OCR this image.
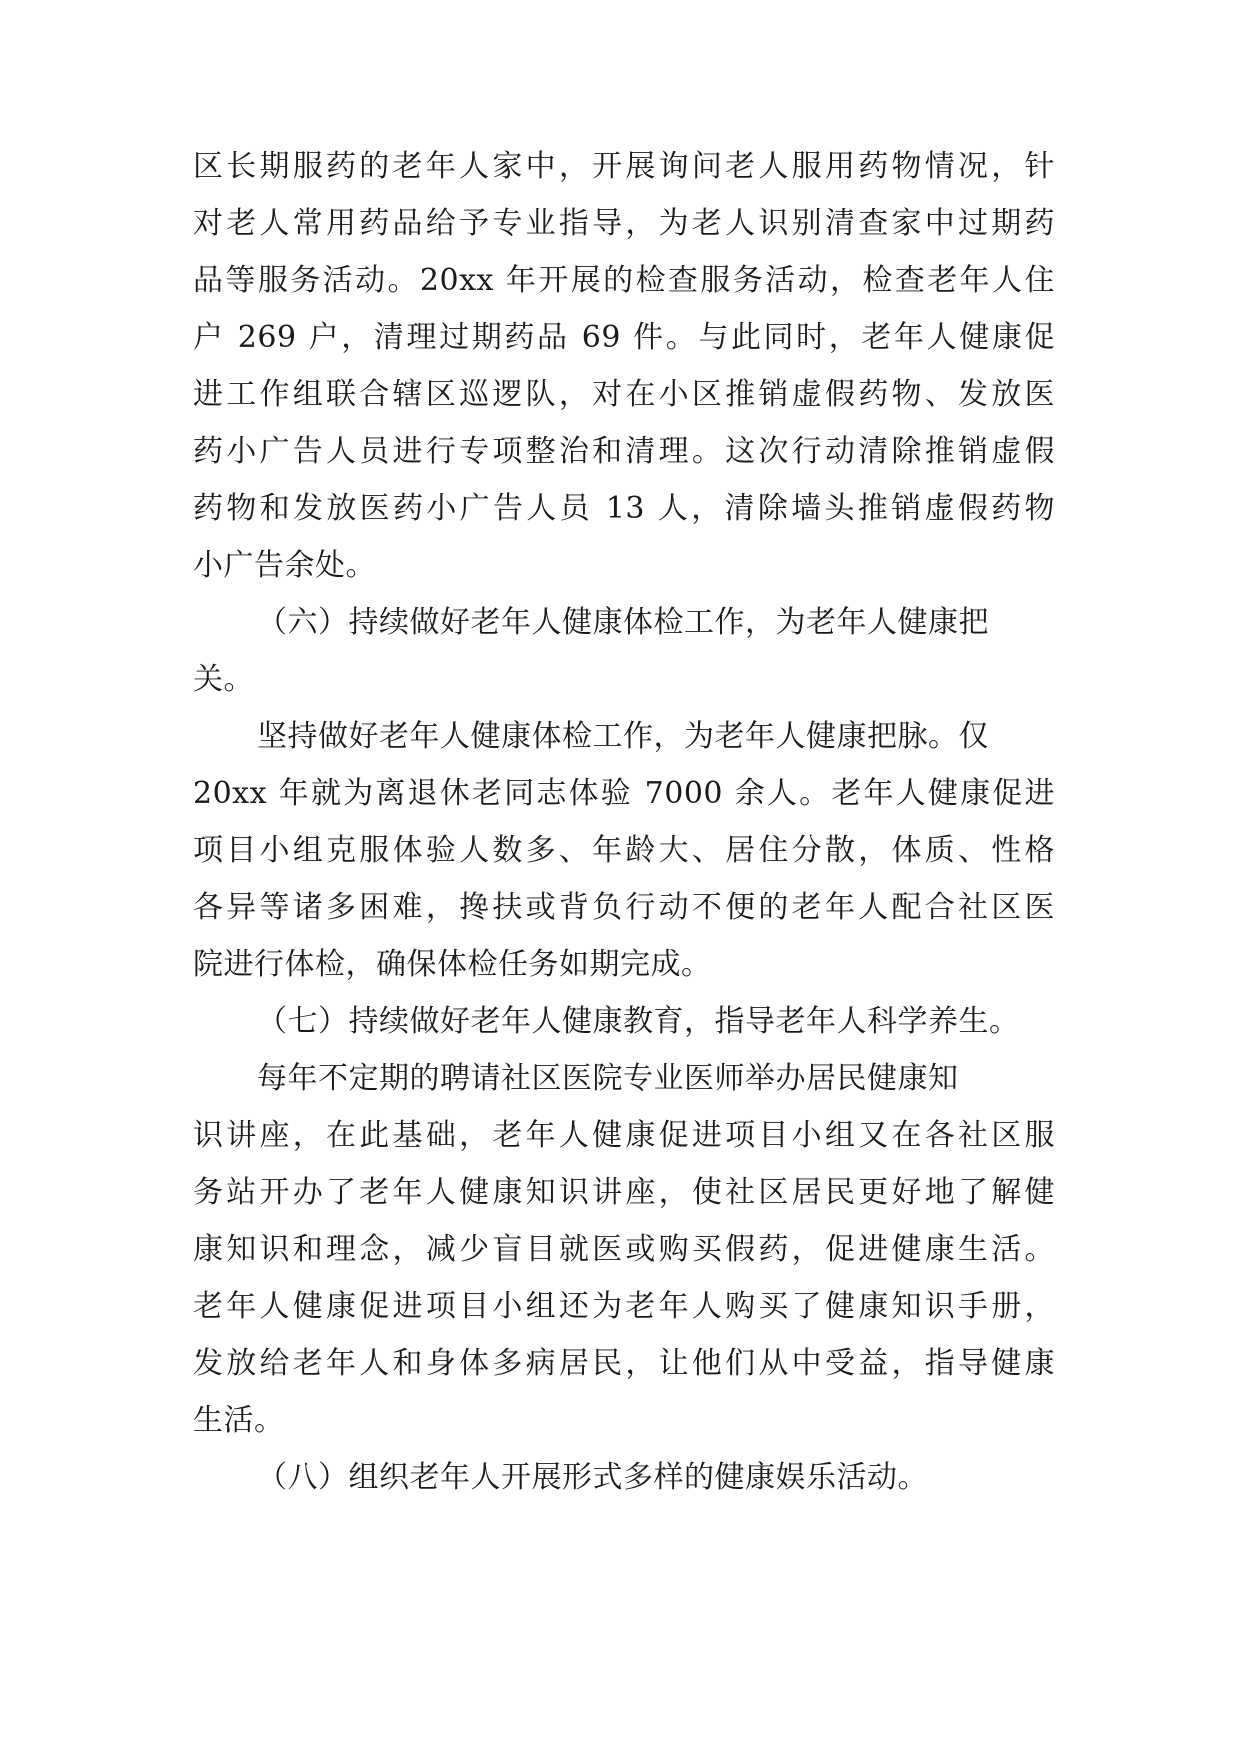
区长期服药的老年人家中，开展询问老人服用药物情况，针
对老人常用药品给予专业指导，为老人识别清查家中过期药
品等服务活动。20xx 年开展的检查服务活动，检查老年人住
户 269 户，清理过期药品 69 件。与此同时，老年人健康促
进工作组联合辖区巡逻队，对在小区推销虚假药物、发放医
药小广告人员进行专项整治和清理。这次行动清除推销虚假
药物和发放医药小广告人员 13 人，清除墙头推销虚假药物
小广告余处。
（六）持续做好老年人健康体检工作，为老年人健康把
关。
坚持做好老年人健康体检工作，为老年人健康把脉。仅
20xx 年就为离退休老同志体验 7000 余人。老年人健康促进
项目小组克服体验人数多、年龄大、居住分散，体质、性格
各异等诸多困难，搀扶或背负行动不便的老年人配合社区医
院进行体检，确保体检任务如期完成。
（七）持续做好老年人健康教育，指导老年人科学养生。
每年不定期的聘请社区医院专业医师举办居民健康知
识讲座，在此基础，老年人健康促进项目小组又在各社区服
务站开办了老年人健康知识讲座，使社区居民更好地了解健
康知识和理念，减少盲目就医或购买假药，促进健康生活。
老年人健康促进项目小组还为老年人购买了健康知识手册，
发放给老年人和身体多病居民，让他们从中受益，指导健康
生活。
（八）组织老年人开展形式多样的健康娱乐活动。
